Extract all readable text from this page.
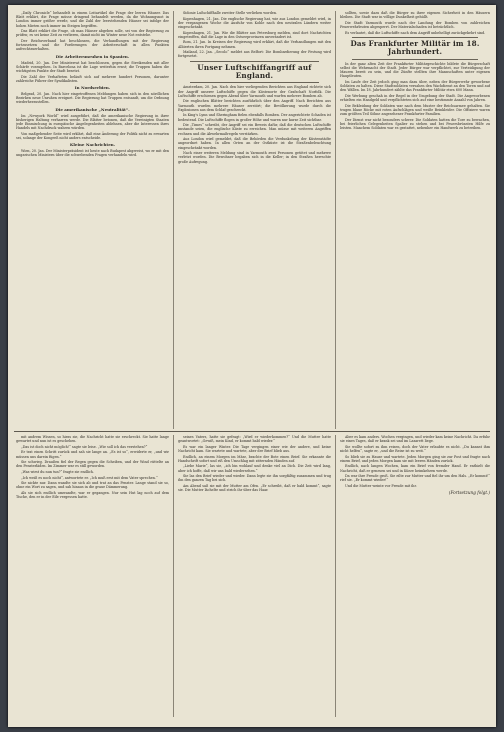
„Daily Chronicle“ behandelt in einem Leitartikel die Frage der leeren Häuser. Das Blatt erklärt, die Frage müsse dringend behandelt werden, da die Wohnungsnot in London immer größer werde, und die Zahl der leerstehenden Häuser sei infolge der hohen Mieten noch immer im Steigen begriffen.

Das Blatt erklärt die Frage, ob man Häuser abgeben solle, sei von der Regierung zu prüfen; es sei keine Zeit zu verlieren, damit nicht im Winter neue Not entstehe.

Der Reichsverband hat beschlossen, die Verhandlungen mit der Regierung fortzusetzen und die Forderungen der Arbeiterschaft in allen Punkten aufrechtzuerhalten.

Die Arbeiterunruhen in Spanien.

Madrid, 20. Jan. Der Ministerrat hat beschlossen, gegen die Streikenden mit aller Schärfe vorzugehen. In Barcelona ist die Lage weiterhin ernst; die Truppen haben die wichtigsten Punkte der Stadt besetzt.

Die Zahl der Verhafteten beläuft sich auf mehrere hundert Personen, darunter zahlreiche Führer der Syndikalisten.

In Nordserbien.

Belgrad, 20. Jan. Nach hier eingetroffenen Meldungen haben sich in den nördlichen Bezirken neue Unruhen ereignet. Die Regierung hat Truppen entsandt, um die Ordnung wiederherzustellen.

Die amerikanische „Neutralität“.

Im „Newyork World“ wird ausgeführt, daß die amerikanische Regierung in ihrer bisherigen Haltung verharren werde. Die Blätter betonen, daß die Vereinigten Staaten jede Einmischung in europäische Angelegenheiten ablehnen, aber die Interessen ihres Handels mit Nachdruck wahren würden.

Von maßgebender Seite wird erklärt, daß eine Änderung der Politik nicht zu erwarten sei, solange der Kongreß nicht anders entscheide.

Kleine Nachrichten.

Wien, 20. Jan. Der Ministerpräsident ist heute nach Budapest abgereist, wo er mit den ungarischen Ministern über die schwebenden Fragen verhandeln wird.

Sidonie Lußschiffhalle zweiter Stelle verliehen worden.

Kopenhagen, 21. Jan. Die englische Regierung hat, wie aus London gemeldet wird, in der vergangenen Woche die Ausfuhr von Kohle nach den neutralen Ländern weiter eingeschränkt.

Kopenhagen, 21. Jan. Wie die Blätter aus Petersburg melden, sind dort Nachrichten eingetroffen, daß die Lage in den Ostseeprovinzen unverändert ist.

Rom, 21. Jan. In Kreisen der Regierung wird erklärt, daß die Verhandlungen mit den Alliierten ihren Fortgang nehmen.

Mailand, 22. Jan. „Secolo“ meldet aus Belfort: Die Bombardierung der Festung wird fortgesetzt.

Unser Luftschiffangriff auf England.

Amsterdam, 20. Jan. Nach den hier vorliegenden Berichten aus England richtete sich der Angriff unserer Luftschiffe gegen die Küstenorte der Grafschaft Norfolk. Die Luftschiffe erschienen gegen Abend über Yarmouth und warfen mehrere Bomben ab.

Die englischen Blätter berichten ausführlich über den Angriff. Nach Berichten aus Yarmouth wurden mehrere Häuser zerstört; die Bevölkerung wurde durch die Explosionen aus dem Schlaf geschreckt.

In King's Lynn und Sheringham fielen ebenfalls Bomben. Der angerichtete Schaden ist bedeutend. Die Luftschiffe flogen in großer Höhe und waren nur kurze Zeit sichtbar.

Die „Times“ schreibt, der Angriff sei ein Beweis dafür, daß die deutschen Luftschiffe imstande seien, die englische Küste zu erreichen. Man müsse mit weiteren Angriffen rechnen und die Abwehrmaßregeln verstärken.

Aus London wird gemeldet, daß die Behörden die Verdunkelung der Küstenstädte angeordnet haben. In allen Orten an der Ostküste ist die Straßenbeleuchtung eingeschränkt worden.

Nach einer weiteren Meldung sind in Yarmouth zwei Personen getötet und mehrere verletzt worden. Die Bewohner begaben sich in die Keller; in den Straßen herrschte große Aufregung.

sollten, sowie dazu daß die Bürger zu ihrer eigenen Sicherheit in den Häusern bleiben. Die Stadt war in völlige Dunkelheit gehüllt.

Die Stadt Yarmouth wurde nach der Landung der Bomben von zahlreichen Feuerwehrleuten abgesperrt. Der Materialschaden ist beträchtlich.

Es verlautet, daß die Luftschiffe nach dem Angriff unbehelligt zurückgekehrt sind.

Das Frankfurter Militär im 18. Jahrhundert.

In der ganz alten Zeit der Frankfurter Militärgeschichte bildete die Bürgerschaft selbst die Wehrmacht der Stadt. Jeder Bürger war verpflichtet, zur Verteidigung der Mauern bereit zu sein, und die Zünfte stellten ihre Mannschaften unter eigenen Hauptleuten.

Im Laufe der Zeit jedoch ging man dazu über, neben der Bürgerwehr geworbene Soldaten zu halten. Diese Stadtsoldaten versahen den Wachdienst an den Toren und auf den Wällen. Im 18. Jahrhundert zählte das Frankfurter Militär etwa 600 Mann.

Die Werbung geschah in der Regel in der Umgebung der Stadt. Die Angeworbenen erhielten ein Handgeld und verpflichteten sich auf eine bestimmte Anzahl von Jahren.

Die Bekleidung der Soldaten war nach dem Muster der Reichsarmee gehalten. Sie trugen blaue Röcke mit roten Aufschlägen und weiße Beinkleider. Die Offiziere waren zum größten Teil Söhne angesehener Frankfurter Familien.

Der Dienst war nicht besonders schwer. Die Soldaten hatten die Tore zu bewachen, bei feierlichen Gelegenheiten Spalier zu stehen und bei Feuersbrünsten Hilfe zu leisten. Manchem Soldaten war es gestattet, nebenher ein Handwerk zu betreiben.

mit andrem Wissen, so hiess sie, die Nachricht hatte sie erschreckt. Sie hatte lange gewartet und nun ist es geschehen.

„Das ist doch nicht möglich!“ sagte sie leise. „Wie soll ich das verstehen?“

Er trat einen Schritt zurück und sah sie lange an. „Es ist so“, erwiderte er, „und wir müssen uns darein fügen.“

Sie schwieg. Draußen fiel der Regen gegen die Scheiben, und der Wind rüttelte an den Fensterläden. Im Zimmer war es still geworden.

„Was wirst du nun tun?“ fragte sie endlich.

„Ich weiß es noch nicht“, antwortete er. „Ich muß erst mit dem Vater sprechen.“

Sie nickte nur. Dann wandte sie sich ab und trat an das Fenster. Lange stand sie so, ohne ein Wort zu sagen, und sah hinaus in die graue Dämmerung.

Als sie sich endlich umwandte, war er gegangen. Nur sein Hut lag noch auf dem Tische, den er in der Eile vergessen hatte.

seines Vaters, hatte sie gefragt: „Wird er wiederkommen?“ Und die Mutter hatte geantwortet: „Gewiß, mein Kind, er kommt bald wieder.“

Es war ein langer Winter. Die Tage vergingen einer wie der andere, und keine Nachricht kam. Sie wartete und wartete, aber der Brief blieb aus.

Endlich, an einem Morgen im März, brachte der Bote einen Brief. Sie erkannte die Handschrift sofort und riß den Umschlag mit zitternden Händen auf.

„Liebe Marie“, las sie, „ich bin wohlauf und denke viel an Dich. Die Zeit wird lang, aber ich hoffe, daß wir uns bald wiedersehen.“

Sie las den Brief wieder und wieder. Dann legte sie ihn sorgfältig zusammen und trug ihn den ganzen Tag bei sich.

Am Abend saß sie mit der Mutter am Ofen. „Er schreibt, daß er bald kommt“, sagte sie. Die Mutter lächelte und strich ihr über das Haar.

Aber es kam anders. Wochen vergingen, und wieder kam keine Nachricht. Da erfuhr sie eines Tages, daß er krank sei und im Lazarett liege.

Sie wollte sofort zu ihm reisen, doch der Vater erlaubte es nicht. „Du kannst ihm nicht helfen“, sagte er, „und die Reise ist zu weit.“

So blieb sie zu Hause und wartete. Jeden Morgen ging sie zur Post und fragte nach einem Brief, und jeden Morgen kam sie mit leeren Händen zurück.

Endlich, nach langen Wochen, kam ein Brief von fremder Hand. Er enthielt die Nachricht, daß er genesen sei und in Kürze heimkehren werde.

Da war ihre Freude groß. Sie eilte zur Mutter und fiel ihr um den Hals. „Er kommt!“ rief sie. „Er kommt wieder!“

Und die Mutter weinte vor Freude mit ihr.

(Fortsetzung folgt.)
